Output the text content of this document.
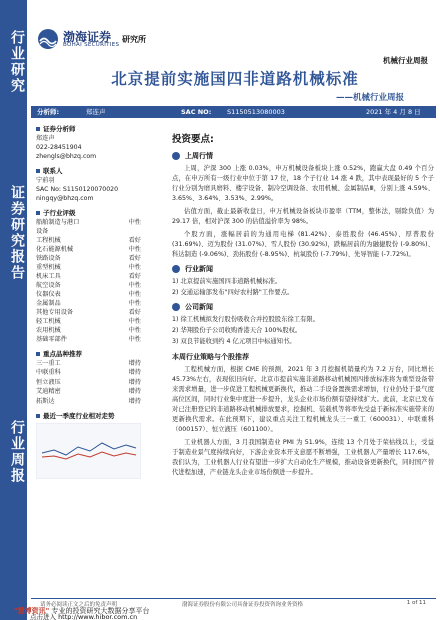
行业研究
证券研究报告
行业周报
渤海证券
BOHAI SECURITIES
研究所
机械行业周报
北京提前实施国四非道路机械标准
——机械行业周报
分析师:	郑连声	SAC NO: S1150513080003	2021 年 4 月 8 日
证券分析师
郑连声
022-28451904
zhengls@bhzq.com
联系人
宁前羽
SAC No: S1150120070020
ningqy@bhzq.com
子行业评级
船舶制造与港口	中性
设备	
工程机械	看好
化石能源机械	中性
铁路设备	看好
重型机械	中性
机床工具	看好
航空设备	中性
仪器仪表	中性
金属制品	中性
其他专用设备	看好
轻工机械	中性
农用机械	中性
基础零部件	中性
重点品种推荐
三一重工	增持
中联重科	增持
恒立液压	增持
艾迪精密	增持
拓斯达	增持
最近一季度行业相对走势
投资要点:
上周行情
上周，沪深 300 上涨 0.03%，申万机械设备板块上涨 0.52%，跑赢大盘 0.49 个百分点，在申万所有一级行业中位于第 17 位，18 个子行业 14 涨 4 跌，其中表现最好的 5 个子行业分别为磨具磨料、楼宇设备、制冷空调设备、农用机械、金属制品Ⅲ，分别上涨 4.59%、3.65%、3.64%、3.53%、2.99%。
估值方面，截止最新收盘日，申万机械设备板块市盈率（TTM，整体法，剔除负值）为 29.17 倍，相对沪深 300 的估值溢价率为 98%。
个股方面，涨幅居前的为通用电梯 (81.42%)、泰胜股份 (46.45%)、厚普股份 (31.69%)、迈为股份 (31.07%)、雪人股份 (30.92%)，跌幅居前的为融捷股份 (-9.80%)、科达制造 (-9.06%)、劲拓股份 (-8.95%)、杭氧股份 (-7.79%)、先导智能 (-7.72%)。
行业新闻
1) 北京提前实施国四非道路机械标准。
2) 交通运输部发布"四好农村路"工作要点。
公司新闻
1) 徐工机械拟发行股份吸收合并控股股东徐工有限。
2) 华翔股份子公司收购香港天合 100%股权。
3) 双良节能收到约 4 亿元项目中标通知书。
本周行业策略与个股推荐
工程机械方面，根据 CME 的预测，2021 年 3 月挖掘机销量约为 7.2 万台，同比增长 45.73%左右，表现依旧向好。北京市提前实施非道路移动机械国四排放标准将为重型设备带来需求增量，进一步促进工程机械更新换代，推动二手设备置换需求增加，行业仍处于景气度高位区间，同时行业集中度进一步提升，龙头企业市场份额有望持续扩大。此前，北京已发布对已注册登记的非道路移动机械排放要求，挖掘机、装载机等将率先受益于新标准实施带来的更新换代需求。在此预期下，建议重点关注工程机械龙头三一重工（600031）、中联重科（000157）、恒立液压（601100）。
工业机器人方面，3 月我国制造业 PMI 为 51.9%，连续 13 个月处于荣枯线以上，受益于制造业景气度持续向好，下游企业资本开支意愿不断增强，工业机器人产量增长 117.6%，我们认为，工业机器人行业有望进一步扩大自动化生产规模，推动设备更新换代，同时国产替代进程加速，产业链龙头企业市场份额进一步提升。
请务必阅读正文之后的免责声明	渤海证券股份有限公司具备证券投资咨询业务资格	1 of 11
"慧博资讯" 专业的投资研究大数据分享平台
点击进入 http://www.hibor.com.cn
